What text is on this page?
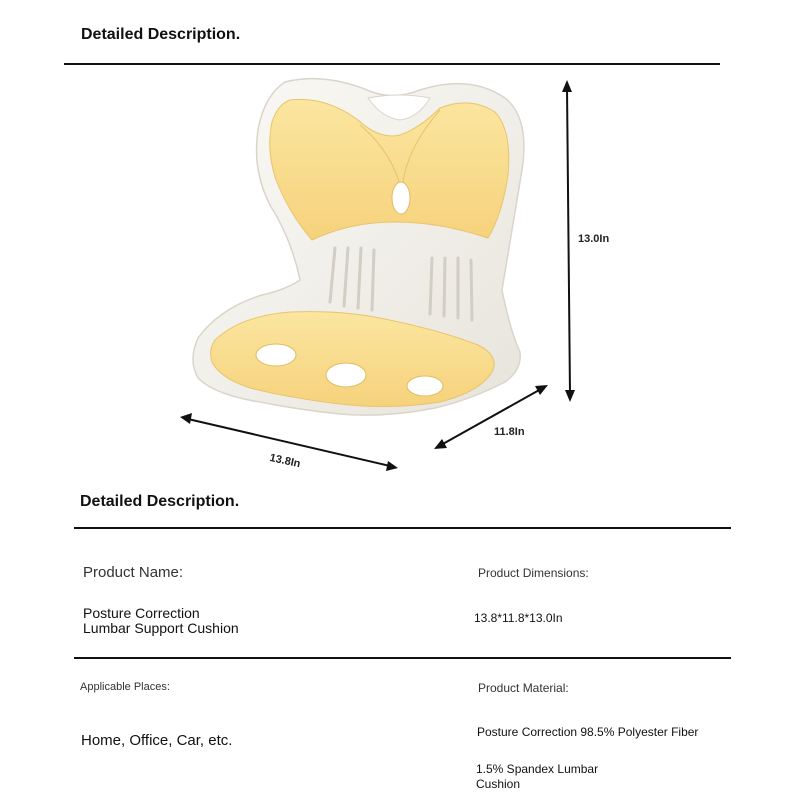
Detailed Description.
13.0In
11.8In
13.8In
Detailed Description.
Product Name:
Posture Correction
Lumbar Support Cushion
Product Dimensions:
13.8*11.8*13.0In
Applicable Places:
Home, Office, Car, etc.
Product Material:
Posture Correction 98.5% Polyester Fiber
1.5% Spandex Lumbar
Cushion
